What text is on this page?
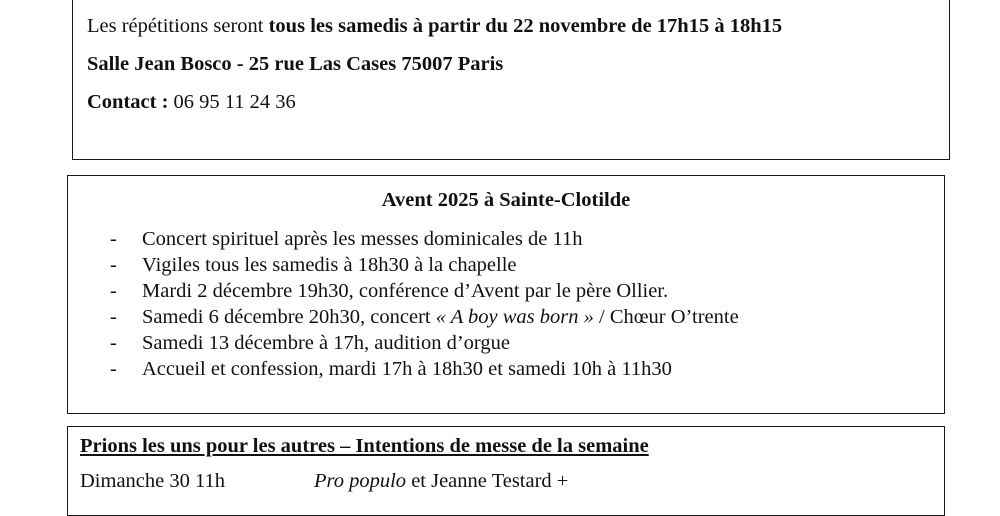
Les répétitions seront tous les samedis à partir du 22 novembre de 17h15 à 18h15
Salle Jean Bosco - 25 rue Las Cases 75007 Paris
Contact : 06 95 11 24 36
Avent 2025 à Sainte-Clotilde
- Concert spirituel après les messes dominicales de 11h
- Vigiles tous les samedis à 18h30 à la chapelle
- Mardi 2 décembre 19h30, conférence d’Avent par le père Ollier.
- Samedi 6 décembre 20h30, concert « A boy was born » / Chœur O’trente
- Samedi 13 décembre à 17h, audition d’orgue
- Accueil et confession, mardi 17h à 18h30 et samedi 10h à 11h30
Prions les uns pour les autres – Intentions de messe de la semaine
Dimanche 30 11h	Pro populo et Jeanne Testard +
